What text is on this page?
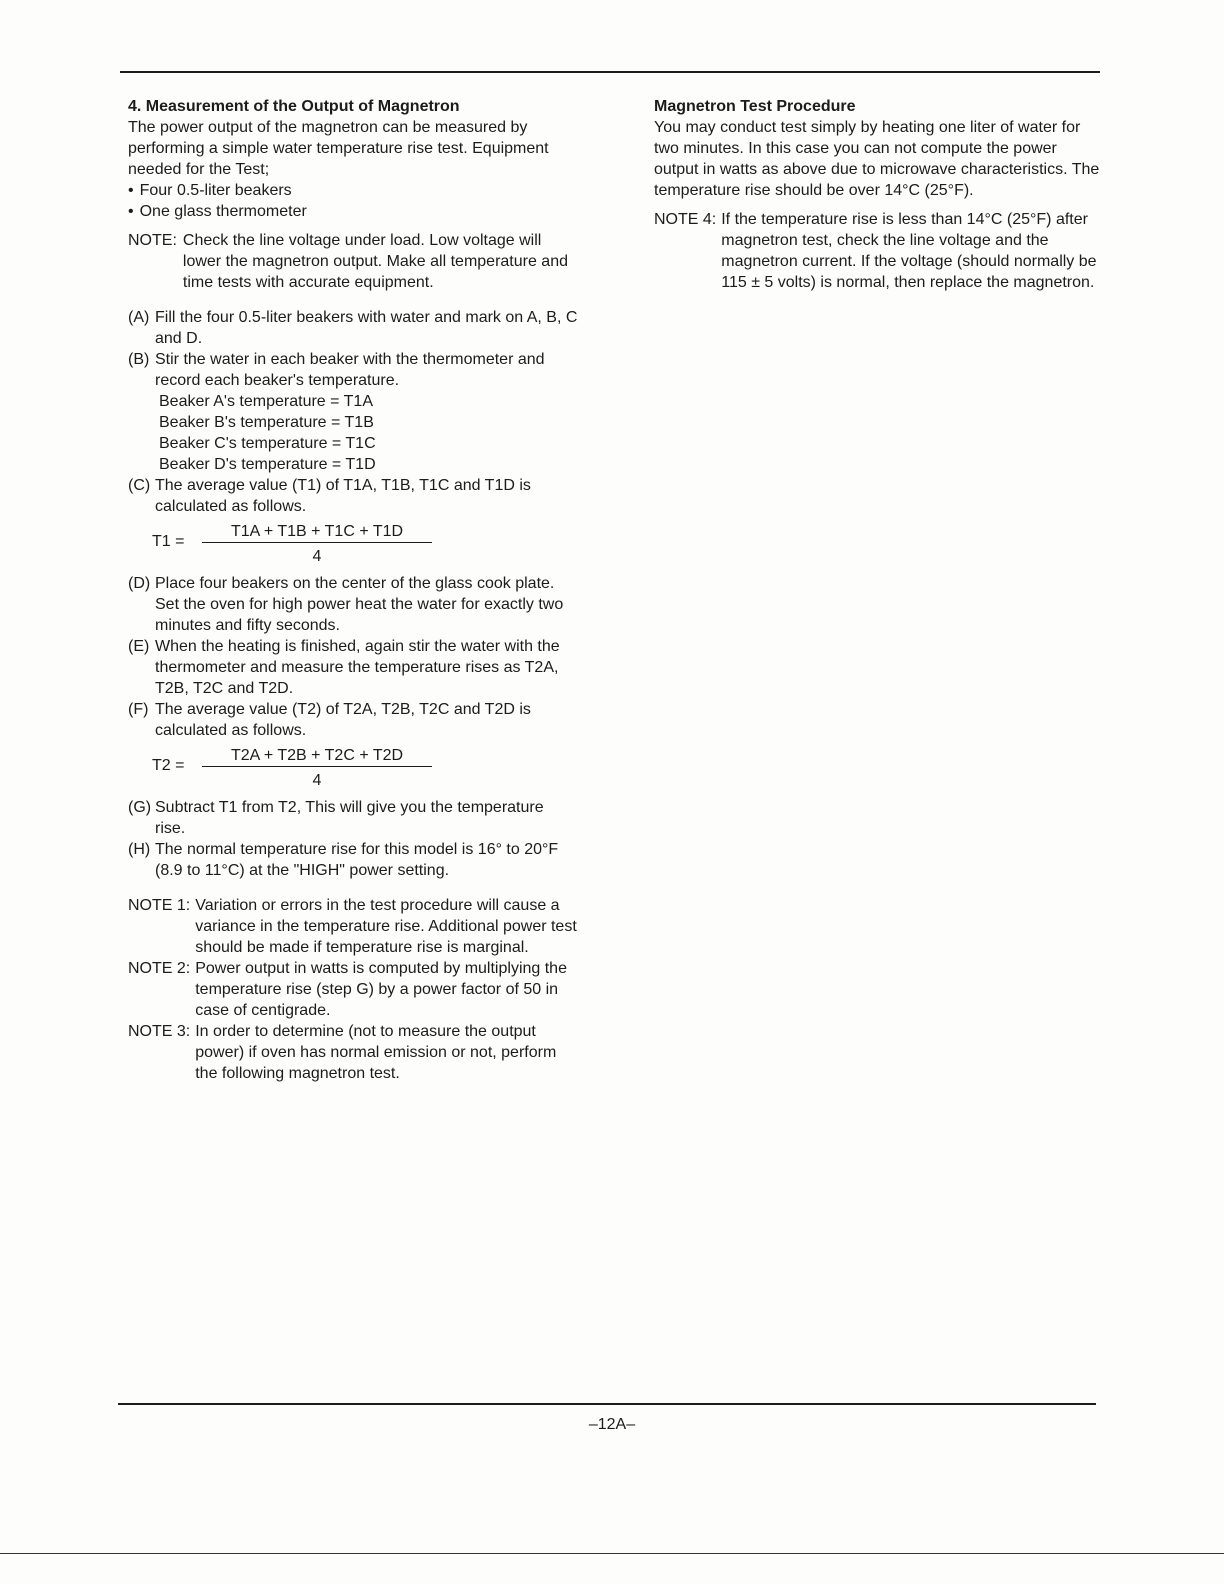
4. Measurement of the Output of Magnetron

The power output of the magnetron can be measured by performing a simple water temperature rise test. Equipment needed for the Test;

• Four 0.5-liter beakers
• One glass thermometer
NOTE: Check the line voltage under load. Low voltage will lower the magnetron output. Make all temperature and time tests with accurate equipment.
(A) Fill the four 0.5-liter beakers with water and mark on A, B, C and D.
(B) Stir the water in each beaker with the thermometer and record each beaker's temperature.
Beaker A's temperature = T1A
Beaker B's temperature = T1B
Beaker C's temperature = T1C
Beaker D's temperature = T1D
(C) The average value (T1) of T1A, T1B, T1C and T1D is calculated as follows.
T1 =	$\frac{T1A + T1B + T1C + T1D}{4}$
(D) Place four beakers on the center of the glass cook plate. Set the oven for high power heat the water for exactly two minutes and fifty seconds.
(E) When the heating is finished, again stir the water with the thermometer and measure the temperature rises as T2A, T2B, T2C and T2D.
(F) The average value (T2) of T2A, T2B, T2C and T2D is calculated as follows.
T2 =	$\frac{T2A + T2B + T2C + T2D}{4}$
(G) Subtract T1 from T2, This will give you the temperature rise.
(H) The normal temperature rise for this model is 16° to 20°F (8.9 to 11°C) at the "HIGH" power setting.
NOTE 1: Variation or errors in the test procedure will cause a variance in the temperature rise. Additional power test should be made if temperature rise is marginal.
NOTE 2: Power output in watts is computed by multiplying the temperature rise (step G) by a power factor of 50 in case of centigrade.
NOTE 3: In order to determine (not to measure the output power) if oven has normal emission or not, perform the following magnetron test.

Magnetron Test Procedure

You may conduct test simply by heating one liter of water for two minutes. In this case you can not compute the power output in watts as above due to microwave characteristics. The temperature rise should be over 14°C (25°F).

NOTE 4: If the temperature rise is less than 14°C (25°F) after magnetron test, check the line voltage and the magnetron current. If the voltage (should normally be 115 ± 5 volts) is normal, then replace the magnetron.
–12A–
